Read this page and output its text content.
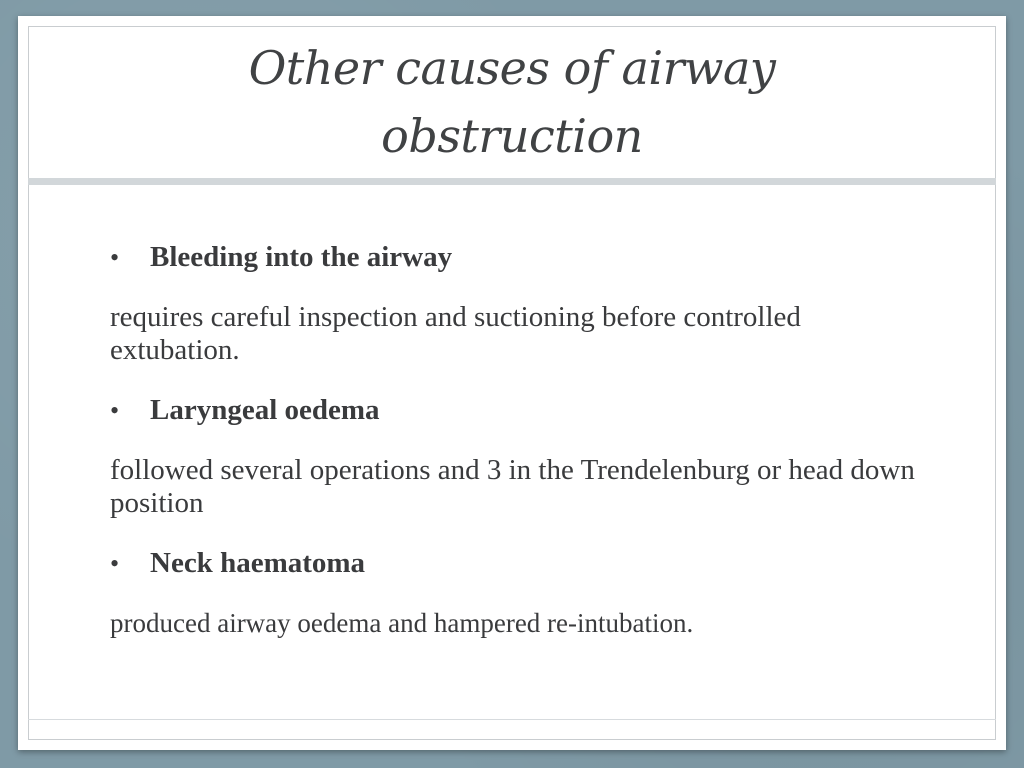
Other causes of airway
obstruction

•	Bleeding into the airway

requires careful inspection and suctioning before controlled extubation.

•	Laryngeal oedema

followed several operations and 3 in the Trendelenburg or head down position

•	Neck haematoma

produced airway oedema and hampered re-intubation.
